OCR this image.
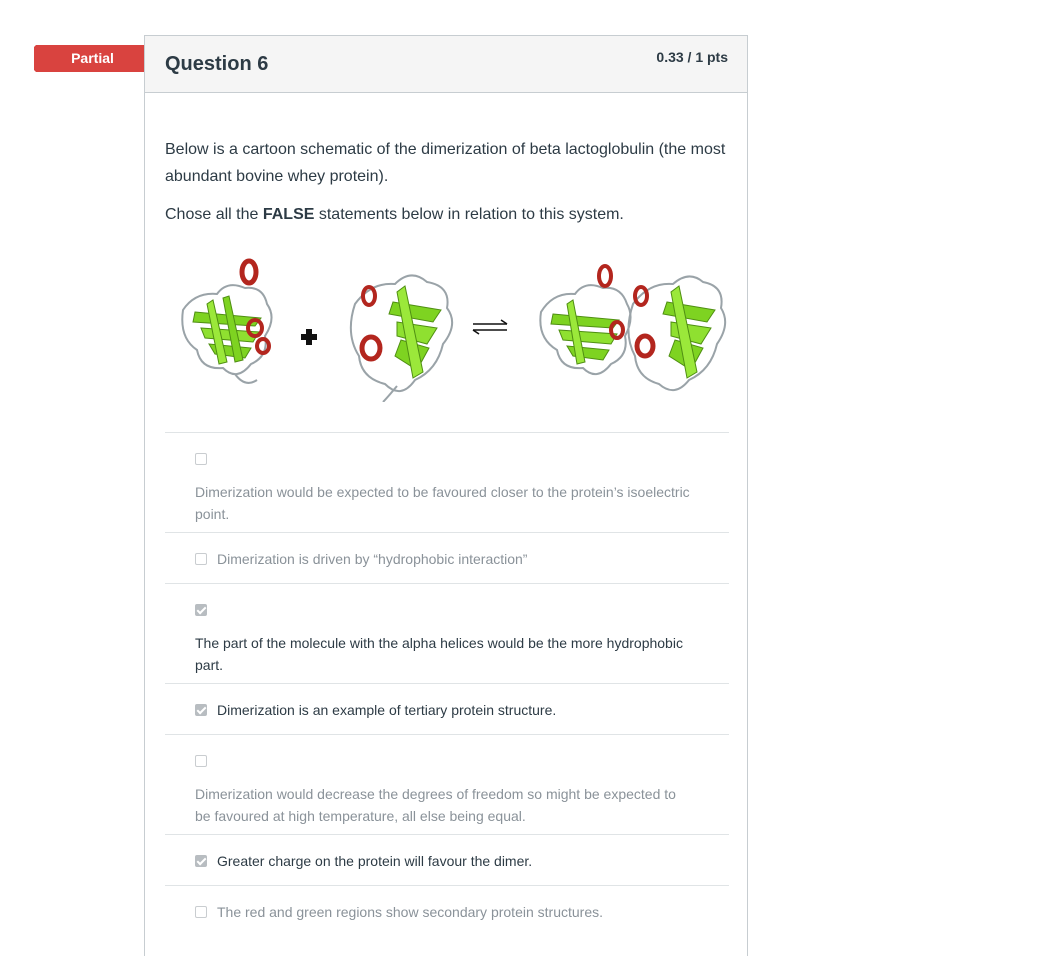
Partial	Question 6	0.33 / 1 pts

Below is a cartoon schematic of the dimerization of beta lactoglobulin (the most abundant bovine whey protein).

Chose all the FALSE statements below in relation to this system.

Dimerization would be expected to be favoured closer to the protein’s isoelectric point.
Dimerization is driven by “hydrophobic interaction”
The part of the molecule with the alpha helices would be the more hydrophobic part.
Dimerization is an example of tertiary protein structure.
Dimerization would decrease the degrees of freedom so might be expected to be favoured at high temperature, all else being equal.
Greater charge on the protein will favour the dimer.
The red and green regions show secondary protein structures.
